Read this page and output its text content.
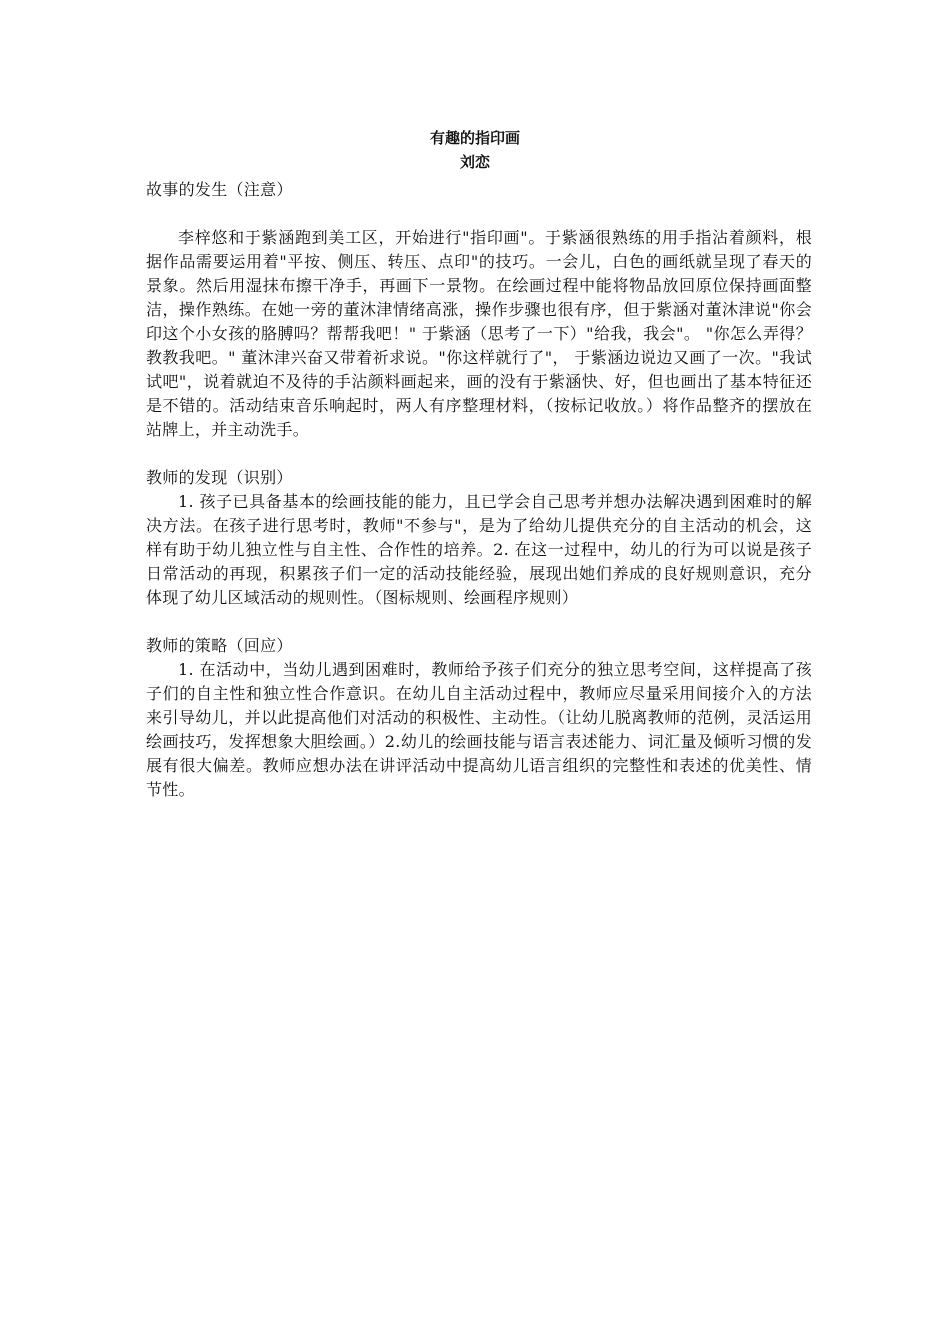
有趣的指印画
刘恋

故事的发生（注意）

李梓悠和于紫涵跑到美工区，开始进行"指印画"。于紫涵很熟练的用手指沾着颜料，根据作品需要运用着"平按、侧压、转压、点印"的技巧。一会儿，白色的画纸就呈现了春天的景象。然后用湿抹布擦干净手，再画下一景物。在绘画过程中能将物品放回原位保持画面整洁，操作熟练。在她一旁的董沐津情绪高涨，操作步骤也很有序，但于紫涵对董沐津说"你会印这个小女孩的胳膊吗？帮帮我吧！" 于紫涵（思考了一下）"给我，我会"。 "你怎么弄得？教教我吧。" 董沐津兴奋又带着祈求说。"你这样就行了"， 于紫涵边说边又画了一次。"我试试吧"，说着就迫不及待的手沾颜料画起来，画的没有于紫涵快、好，但也画出了基本特征还是不错的。活动结束音乐响起时，两人有序整理材料，（按标记收放。）将作品整齐的摆放在站牌上，并主动洗手。

教师的发现（识别）

1. 孩子已具备基本的绘画技能的能力，且已学会自己思考并想办法解决遇到困难时的解决方法。在孩子进行思考时，教师"不参与"，是为了给幼儿提供充分的自主活动的机会，这样有助于幼儿独立性与自主性、合作性的培养。2. 在这一过程中，幼儿的行为可以说是孩子日常活动的再现，积累孩子们一定的活动技能经验，展现出她们养成的良好规则意识，充分体现了幼儿区域活动的规则性。（图标规则、绘画程序规则）

教师的策略（回应）

1. 在活动中，当幼儿遇到困难时，教师给予孩子们充分的独立思考空间，这样提高了孩子们的自主性和独立性合作意识。在幼儿自主活动过程中，教师应尽量采用间接介入的方法来引导幼儿，并以此提高他们对活动的积极性、主动性。（让幼儿脱离教师的范例，灵活运用绘画技巧，发挥想象大胆绘画。）2.幼儿的绘画技能与语言表述能力、词汇量及倾听习惯的发展有很大偏差。教师应想办法在讲评活动中提高幼儿语言组织的完整性和表述的优美性、情节性。
